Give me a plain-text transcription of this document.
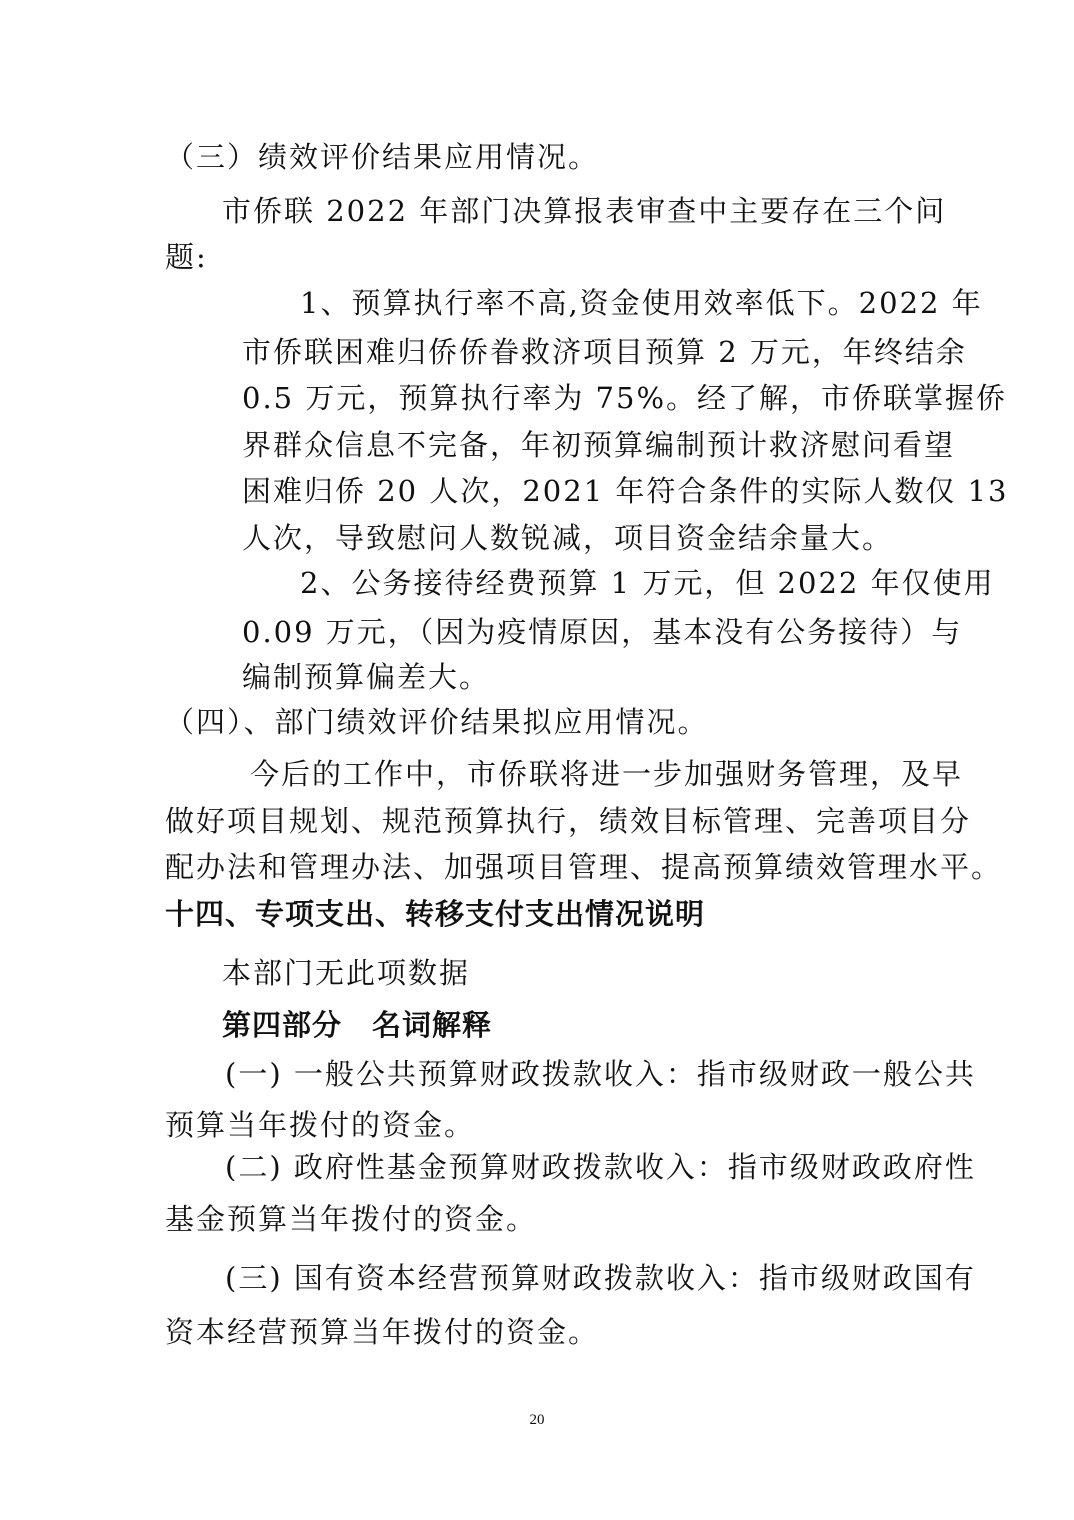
（三）绩效评价结果应用情况。
市侨联 2022 年部门决算报表审查中主要存在三个问
题:
1、预算执行率不高,资金使用效率低下。2022 年
市侨联困难归侨侨眷救济项目预算 2 万元，年终结余
0.5 万元，预算执行率为 75%。经了解，市侨联掌握侨
界群众信息不完备，年初预算编制预计救济慰问看望
困难归侨 20 人次，2021 年符合条件的实际人数仅 13
人次，导致慰问人数锐减，项目资金结余量大。
2、公务接待经费预算 1 万元，但 2022 年仅使用
0.09 万元，（因为疫情原因，基本没有公务接待）与
编制预算偏差大。
（四）、部门绩效评价结果拟应用情况。
今后的工作中，市侨联将进一步加强财务管理，及早
做好项目规划、规范预算执行，绩效目标管理、完善项目分
配办法和管理办法、加强项目管理、提高预算绩效管理水平。
十四、专项支出、转移支付支出情况说明
本部门无此项数据
第四部分　名词解释
(一) 一般公共预算财政拨款收入：指市级财政一般公共
预算当年拨付的资金。
(二) 政府性基金预算财政拨款收入：指市级财政政府性
基金预算当年拨付的资金。
(三) 国有资本经营预算财政拨款收入：指市级财政国有
资本经营预算当年拨付的资金。
20
